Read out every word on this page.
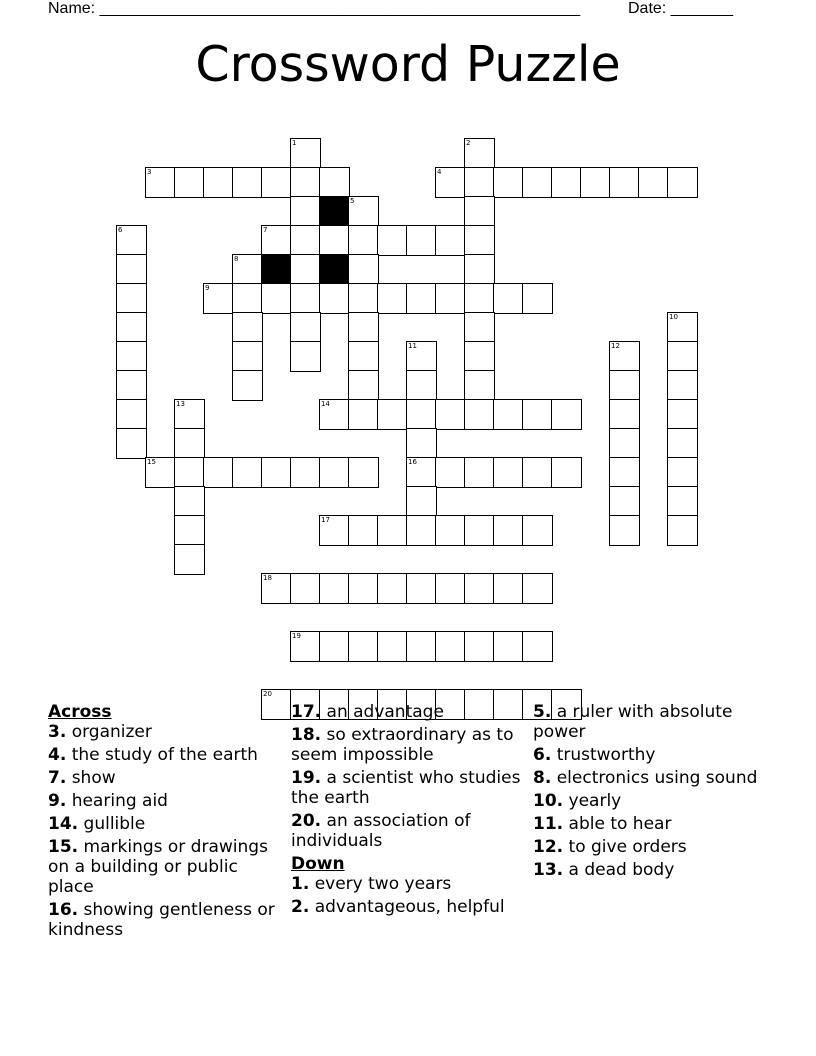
Name: ______________________________________________________	Date: _______
Crossword Puzzle
1	2
3	4
5
6	7
8
9
10
11	12
13	14
15	16
17
18
19
20
Across
3. organizer
4. the study of the earth
7. show
9. hearing aid
14. gullible
15. markings or drawings on a building or public place
16. showing gentleness or kindness
17. an advantage
18. so extraordinary as to seem impossible
19. a scientist who studies the earth
20. an association of individuals
Down
1. every two years
2. advantageous, helpful
5. a ruler with absolute power
6. trustworthy
8. electronics using sound
10. yearly
11. able to hear
12. to give orders
13. a dead body
